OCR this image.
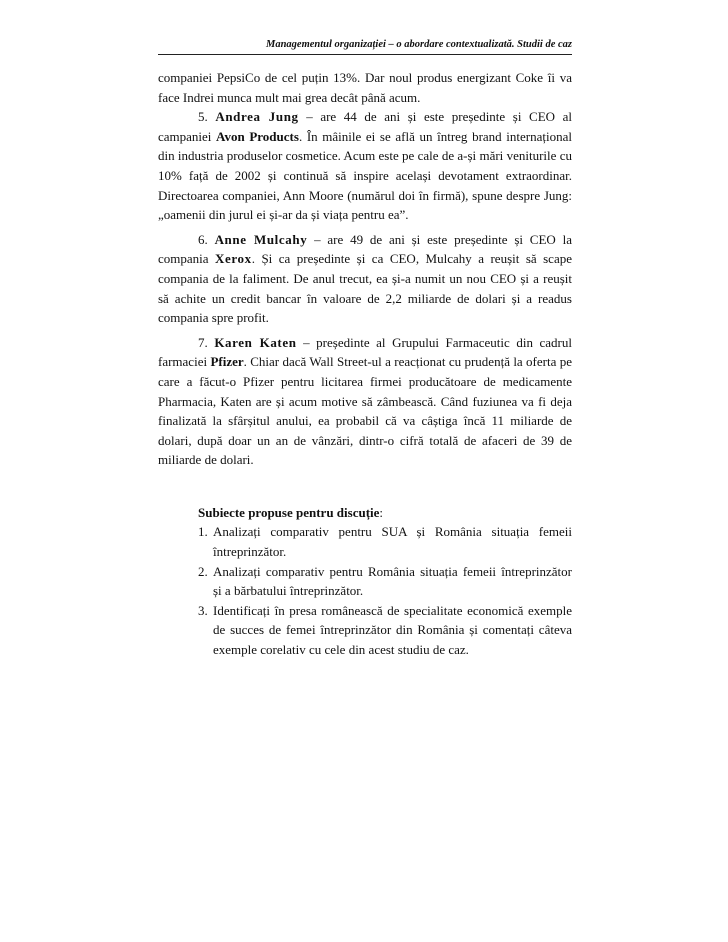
Managementul organizației – o abordare contextualizată. Studii de caz

companiei PepsiCo de cel puțin 13%. Dar noul produs energizant Coke îi va face Indrei munca mult mai grea decât până acum.

5. Andrea Jung – are 44 de ani și este președinte și CEO al campaniei Avon Products. În mâinile ei se află un întreg brand internațional din industria produselor cosmetice. Acum este pe cale de a-și mări veniturile cu 10% față de 2002 și continuă să inspire același devotament extraordinar. Directoarea companiei, Ann Moore (numărul doi în firmă), spune despre Jung: „oamenii din jurul ei și-ar da și viața pentru ea”.

6. Anne Mulcahy – are 49 de ani și este președinte și CEO la compania Xerox. Și ca președinte și ca CEO, Mulcahy a reușit să scape compania de la faliment. De anul trecut, ea și-a numit un nou CEO și a reușit să achite un credit bancar în valoare de 2,2 miliarde de dolari și a readus compania spre profit.

7. Karen Katen – președinte al Grupului Farmaceutic din cadrul farmaciei Pfizer. Chiar dacă Wall Street-ul a reacționat cu prudență la oferta pe care a făcut-o Pfizer pentru licitarea firmei producătoare de medicamente Pharmacia, Katen are și acum motive să zâmbească. Când fuziunea va fi deja finalizată la sfârșitul anului, ea probabil că va câștiga încă 11 miliarde de dolari, după doar un an de vânzări, dintr-o cifră totală de afaceri de 39 de miliarde de dolari.

Subiecte propuse pentru discuție:

1. Analizați comparativ pentru SUA și România situația femeii întreprinzător.
2. Analizați comparativ pentru România situația femeii întreprinzător și a bărbatului întreprinzător.
3. Identificați în presa românească de specialitate economică exemple de succes de femei întreprinzător din România și comentați câteva exemple corelativ cu cele din acest studiu de caz.
